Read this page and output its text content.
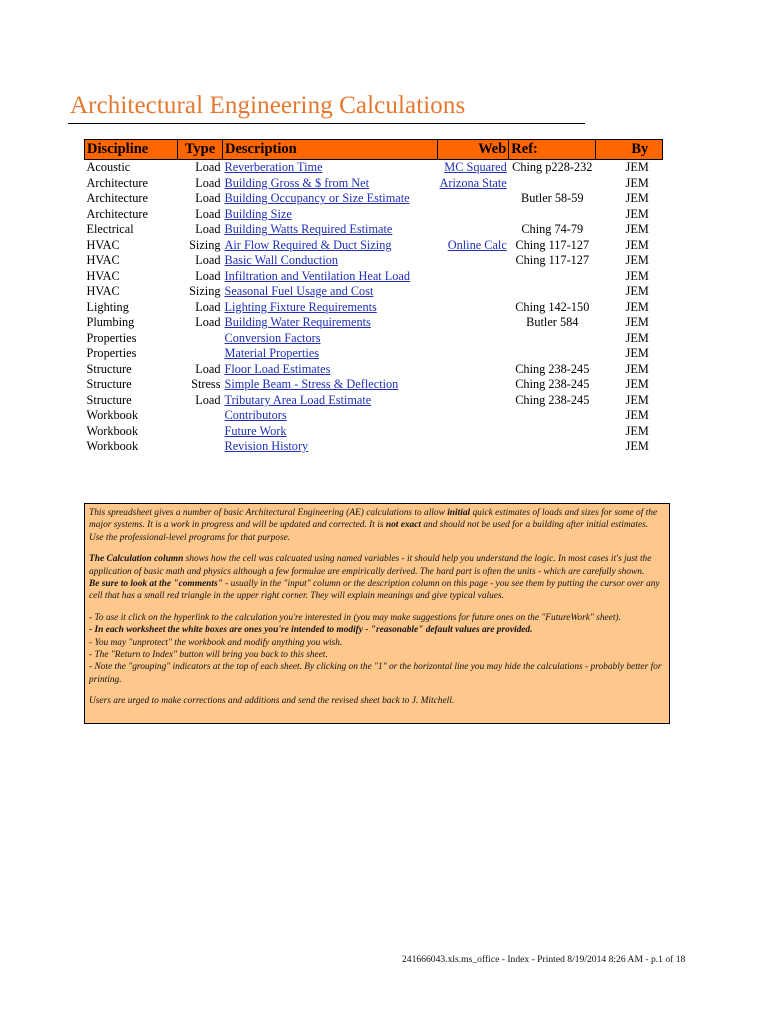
Architectural Engineering Calculations
Discipline	Type	Description	Web	Ref:	By
Acoustic	Load	Reverberation Time	MC Squared	Ching p228-232	JEM
Architecture	Load	Building Gross & $ from Net	Arizona State		JEM
Architecture	Load	Building Occupancy or Size Estimate		Butler 58-59	JEM
Architecture	Load	Building Size			JEM
Electrical	Load	Building Watts Required Estimate		Ching 74-79	JEM
HVAC	Sizing	Air Flow Required & Duct Sizing	Online Calc	Ching 117-127	JEM
HVAC	Load	Basic Wall Conduction		Ching 117-127	JEM
HVAC	Load	Infiltration and Ventilation Heat Load			JEM
HVAC	Sizing	Seasonal Fuel Usage and Cost			JEM
Lighting	Load	Lighting Fixture Requirements		Ching 142-150	JEM
Plumbing	Load	Building Water Requirements		Butler 584	JEM
Properties		Conversion Factors			JEM
Properties		Material Properties			JEM
Structure	Load	Floor Load Estimates		Ching 238-245	JEM
Structure	Stress	Simple Beam - Stress & Deflection		Ching 238-245	JEM
Structure	Load	Tributary Area Load Estimate		Ching 238-245	JEM
Workbook		Contributors			JEM
Workbook		Future Work			JEM
Workbook		Revision History			JEM

This spreadsheet gives a number of basic Architectural Engineering (AE) calculations to allow initial quick estimates of loads and sizes for some of the major systems. It is a work in progress and will be updated and corrected. It is not exact and should not be used for a building after initial estimates. Use the professional-level programs for that purpose.

The Calculation column shows how the cell was calcuated using named variables - it should help you understand the logic. In most cases it's just the application of basic math and physics although a few formulae are empirically derived. The hard part is often the units - which are carefully shown.

Be sure to look at the "comments" - usually in the "input" column or the description column on this page - you see them by putting the cursor over any cell that has a small red triangle in the upper right corner. They will explain meanings and give typical values.

- To use it click on the hyperlink to the calculation you're interested in (you may make suggestions for future ones on the "FutureWork" sheet).

- In each worksheet the white boxes are ones you're intended to modify - "reasonable" default values are provided.

- You may "unprotect" the workbook and modify anything you wish.

- The "Return to Index" button will bring you back to this sheet.

- Note the "grouping" indicators at the top of each sheet. By clicking on the "1" or the horizontal line you may hide the calculations - probably better for printing.

Users are urged to make corrections and additions and send the revised sheet back to J. Mitchell.

241666043.xls.ms_office - Index - Printed 8/19/2014 8:26 AM - p.1 of 18
